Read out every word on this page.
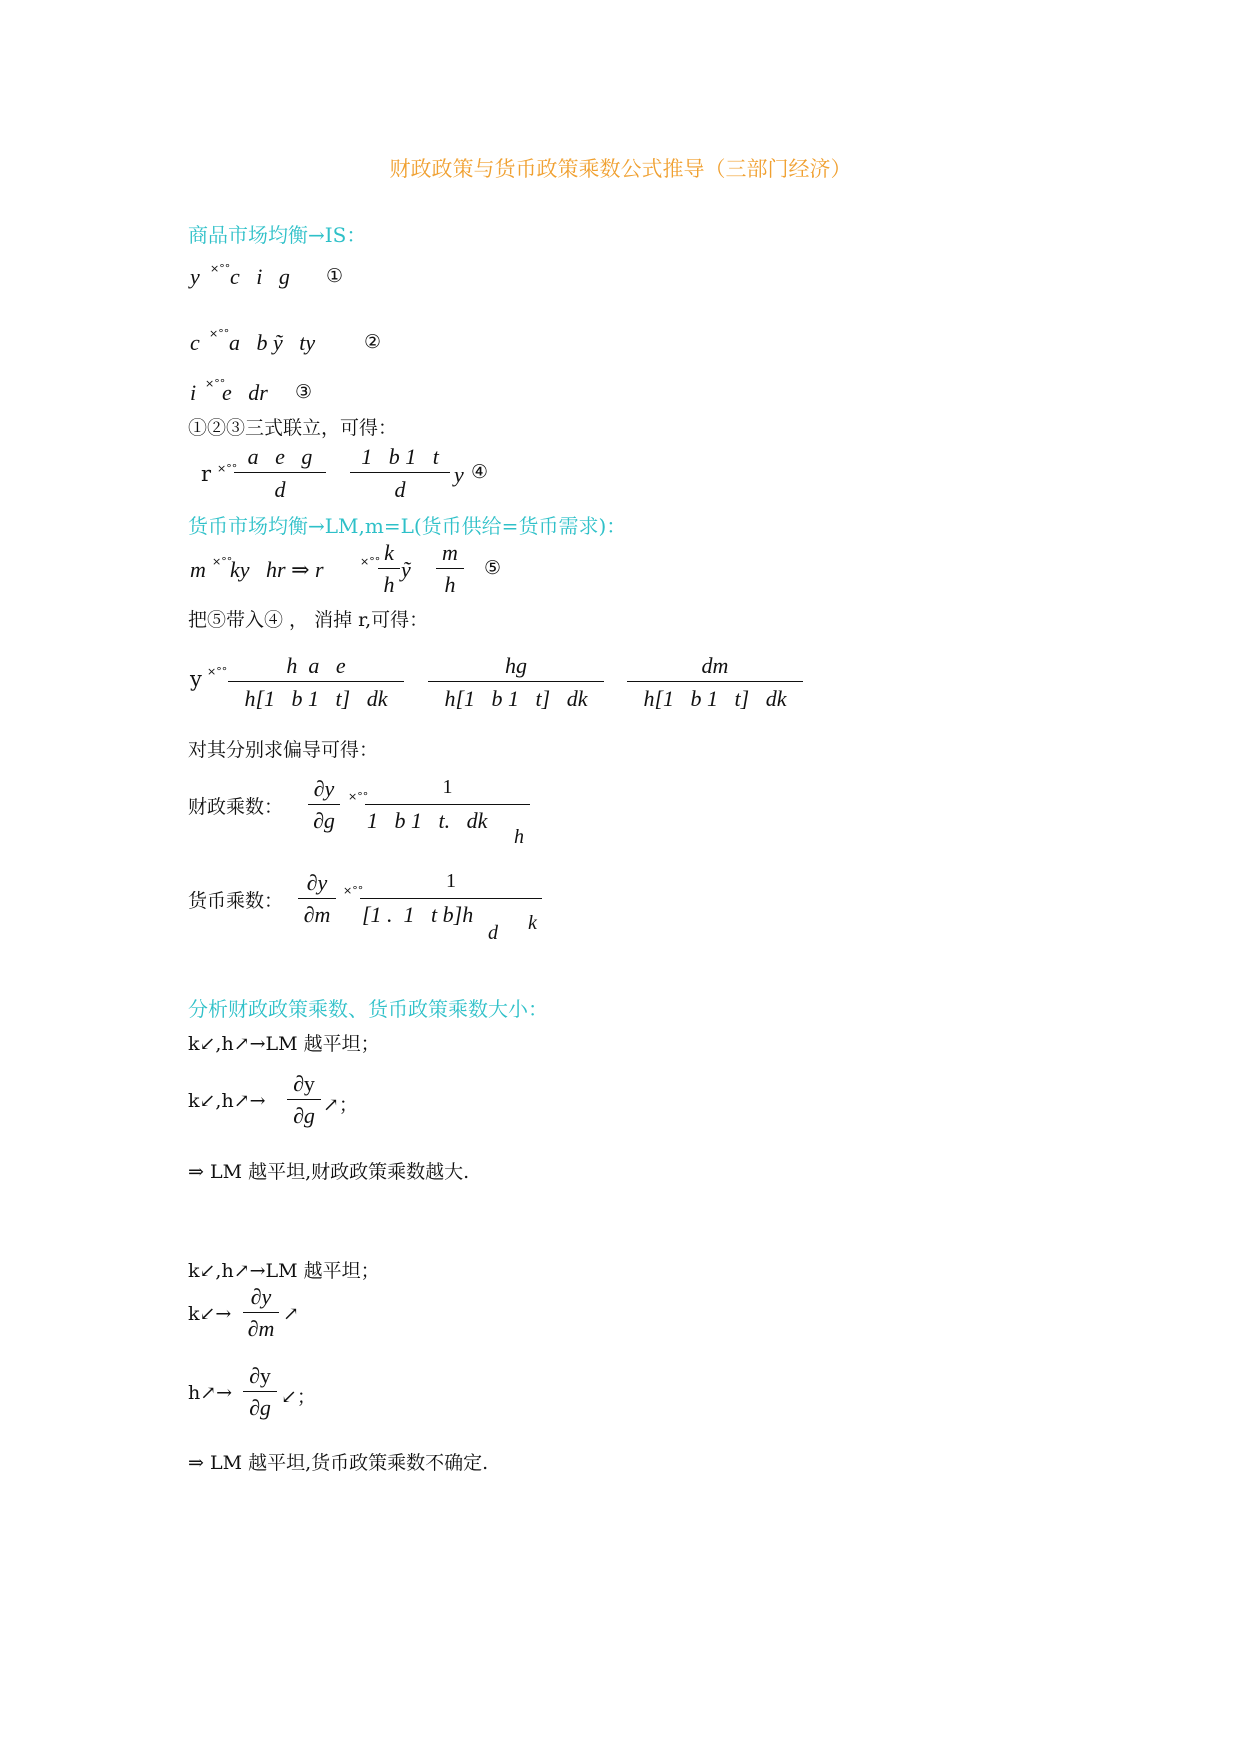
财政政策与货币政策乘数公式推导（三部门经济）
商品市场均衡→IS：
y ×°° c   i   g ①
c ×°° a   b ỹ   ty	②
i ×°°
e   dr ③
①②③三式联立，可得：
r ×°° a   e   g
d
1   b 1   t
d
y ④
货币市场均衡→LM,m=L(货币供给=货币需求)：
m ×°°
ky   hr ⇒ r	×°° k
h
ỹ
m
h
⑤
把⑤带入④ ， 消掉 r,可得：
y ×°°	h  a   e
h[1   b 1   t]   dk
hg
h[1   b 1   t]   dk
dm
h[1   b 1   t]   dk
对其分别求偏导可得：
财政乘数：
∂y
∂g
×°°	1
1   b 1   t.   dk
h
货币乘数：
∂y
∂m
×°°	1
[1 .  1   t b]h
d k
分析财政政策乘数、货币政策乘数大小：
k↙,h↗→LM 越平坦；
k↙,h↗→
∂y
∂g ↗；
⇒ LM 越平坦,财政政策乘数越大.
k↙,h↗→LM 越平坦；
k↙→
∂y
∂m
↗
h↗→
∂y
∂g ↙；
⇒ LM 越平坦,货币政策乘数不确定.
